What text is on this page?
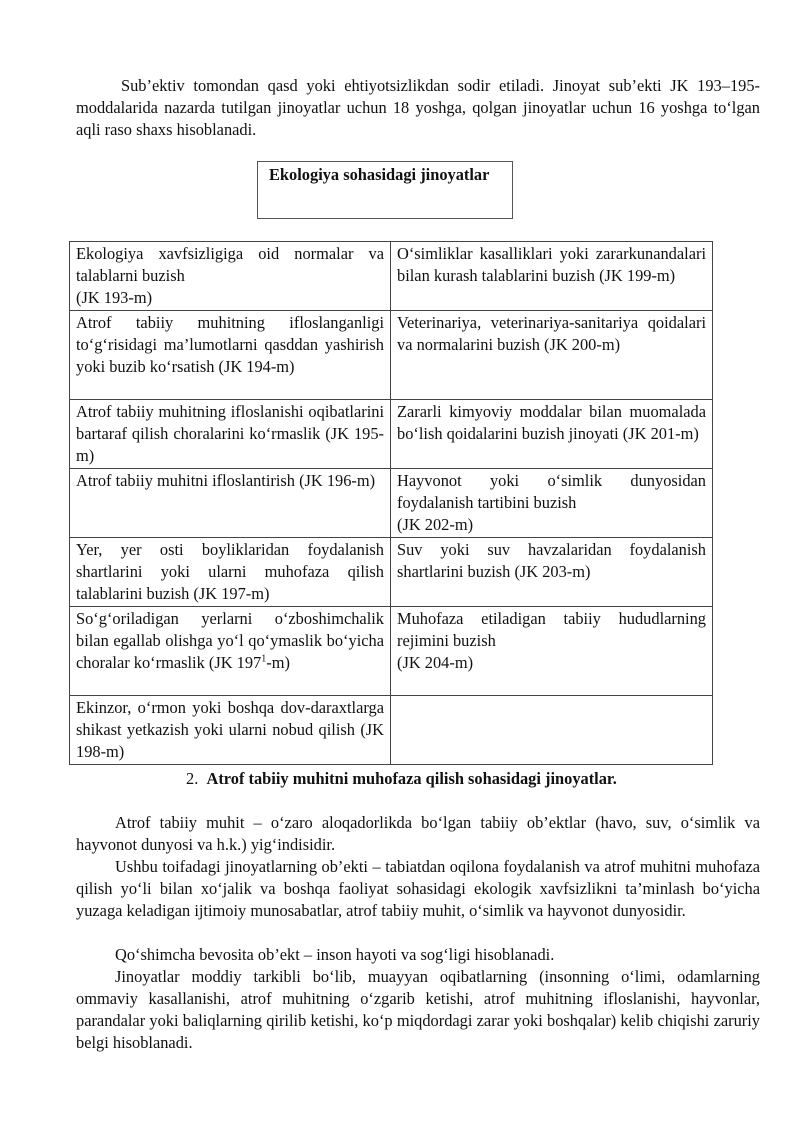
Sub’ektiv tomondan qasd yoki ehtiyotsizlikdan sodir etiladi. Jinoyat sub’ekti JK 193–195-moddalarida nazarda tutilgan jinoyatlar uchun 18 yoshga, qolgan jinoyatlar uchun 16 yoshga to‘lgan aqli raso shaxs hisoblanadi.

Ekologiya sohasidagi jinoyatlar
Ekologiya xavfsizligiga oid normalar va talablarni buzish
(JK 193-m)	O‘simliklar kasalliklari yoki zararkunandalari bilan kurash talablarini buzish (JK 199-m)
Atrof tabiiy muhitning ifloslanganligi to‘g‘risidagi ma’lumotlarni qasddan yashirish yoki buzib ko‘rsatish (JK 194-m)	Veterinariya, veterinariya-sanitariya qoidalari va normalarini buzish (JK 200-m)
Atrof tabiiy muhitning ifloslanishi oqibatlarini bartaraf qilish choralarini ko‘rmaslik (JK 195-m)	Zararli kimyoviy moddalar bilan muomalada bo‘lish qoidalarini buzish jinoyati (JK 201-m)
Atrof tabiiy muhitni ifloslantirish (JK 196-m)	Hayvonot yoki o‘simlik dunyosidan foydalanish tartibini buzish
(JK 202-m)
Yer, yer osti boyliklaridan foydalanish shartlarini yoki ularni muhofaza qilish talablarini buzish (JK 197-m)	Suv yoki suv havzalaridan foydalanish shartlarini buzish (JK 203-m)
So‘g‘oriladigan yerlarni o‘zboshimchalik bilan egallab olishga yo‘l qo‘ymaslik bo‘yicha choralar ko‘rmaslik (JK $197^1-m$)	Muhofaza etiladigan tabiiy hududlarning rejimini buzish
(JK 204-m)
Ekinzor, o‘rmon yoki boshqa dov-daraxtlarga shikast yetkazish yoki ularni nobud qilish (JK 198-m)	
2. Atrof tabiiy muhitni muhofaza qilish sohasidagi jinoyatlar.

Atrof tabiiy muhit – o‘zaro aloqadorlikda bo‘lgan tabiiy ob’ektlar (havo, suv, o‘simlik va hayvonot dunyosi va h.k.) yig‘indisidir.

Ushbu toifadagi jinoyatlarning ob’ekti – tabiatdan oqilona foydalanish va atrof muhitni muhofaza qilish yo‘li bilan xo‘jalik va boshqa faoliyat sohasidagi ekologik xavfsizlikni ta’minlash bo‘yicha yuzaga keladigan ijtimoiy munosabatlar, atrof tabiiy muhit, o‘simlik va hayvonot dunyosidir.

Qo‘shimcha bevosita ob’ekt – inson hayoti va sog‘ligi hisoblanadi.

Jinoyatlar moddiy tarkibli bo‘lib, muayyan oqibatlarning (insonning o‘limi, odamlarning ommaviy kasallanishi, atrof muhitning o‘zgarib ketishi, atrof muhitning ifloslanishi, hayvonlar, parandalar yoki baliqlarning qirilib ketishi, ko‘p miqdordagi zarar yoki boshqalar) kelib chiqishi zaruriy belgi hisoblanadi.
